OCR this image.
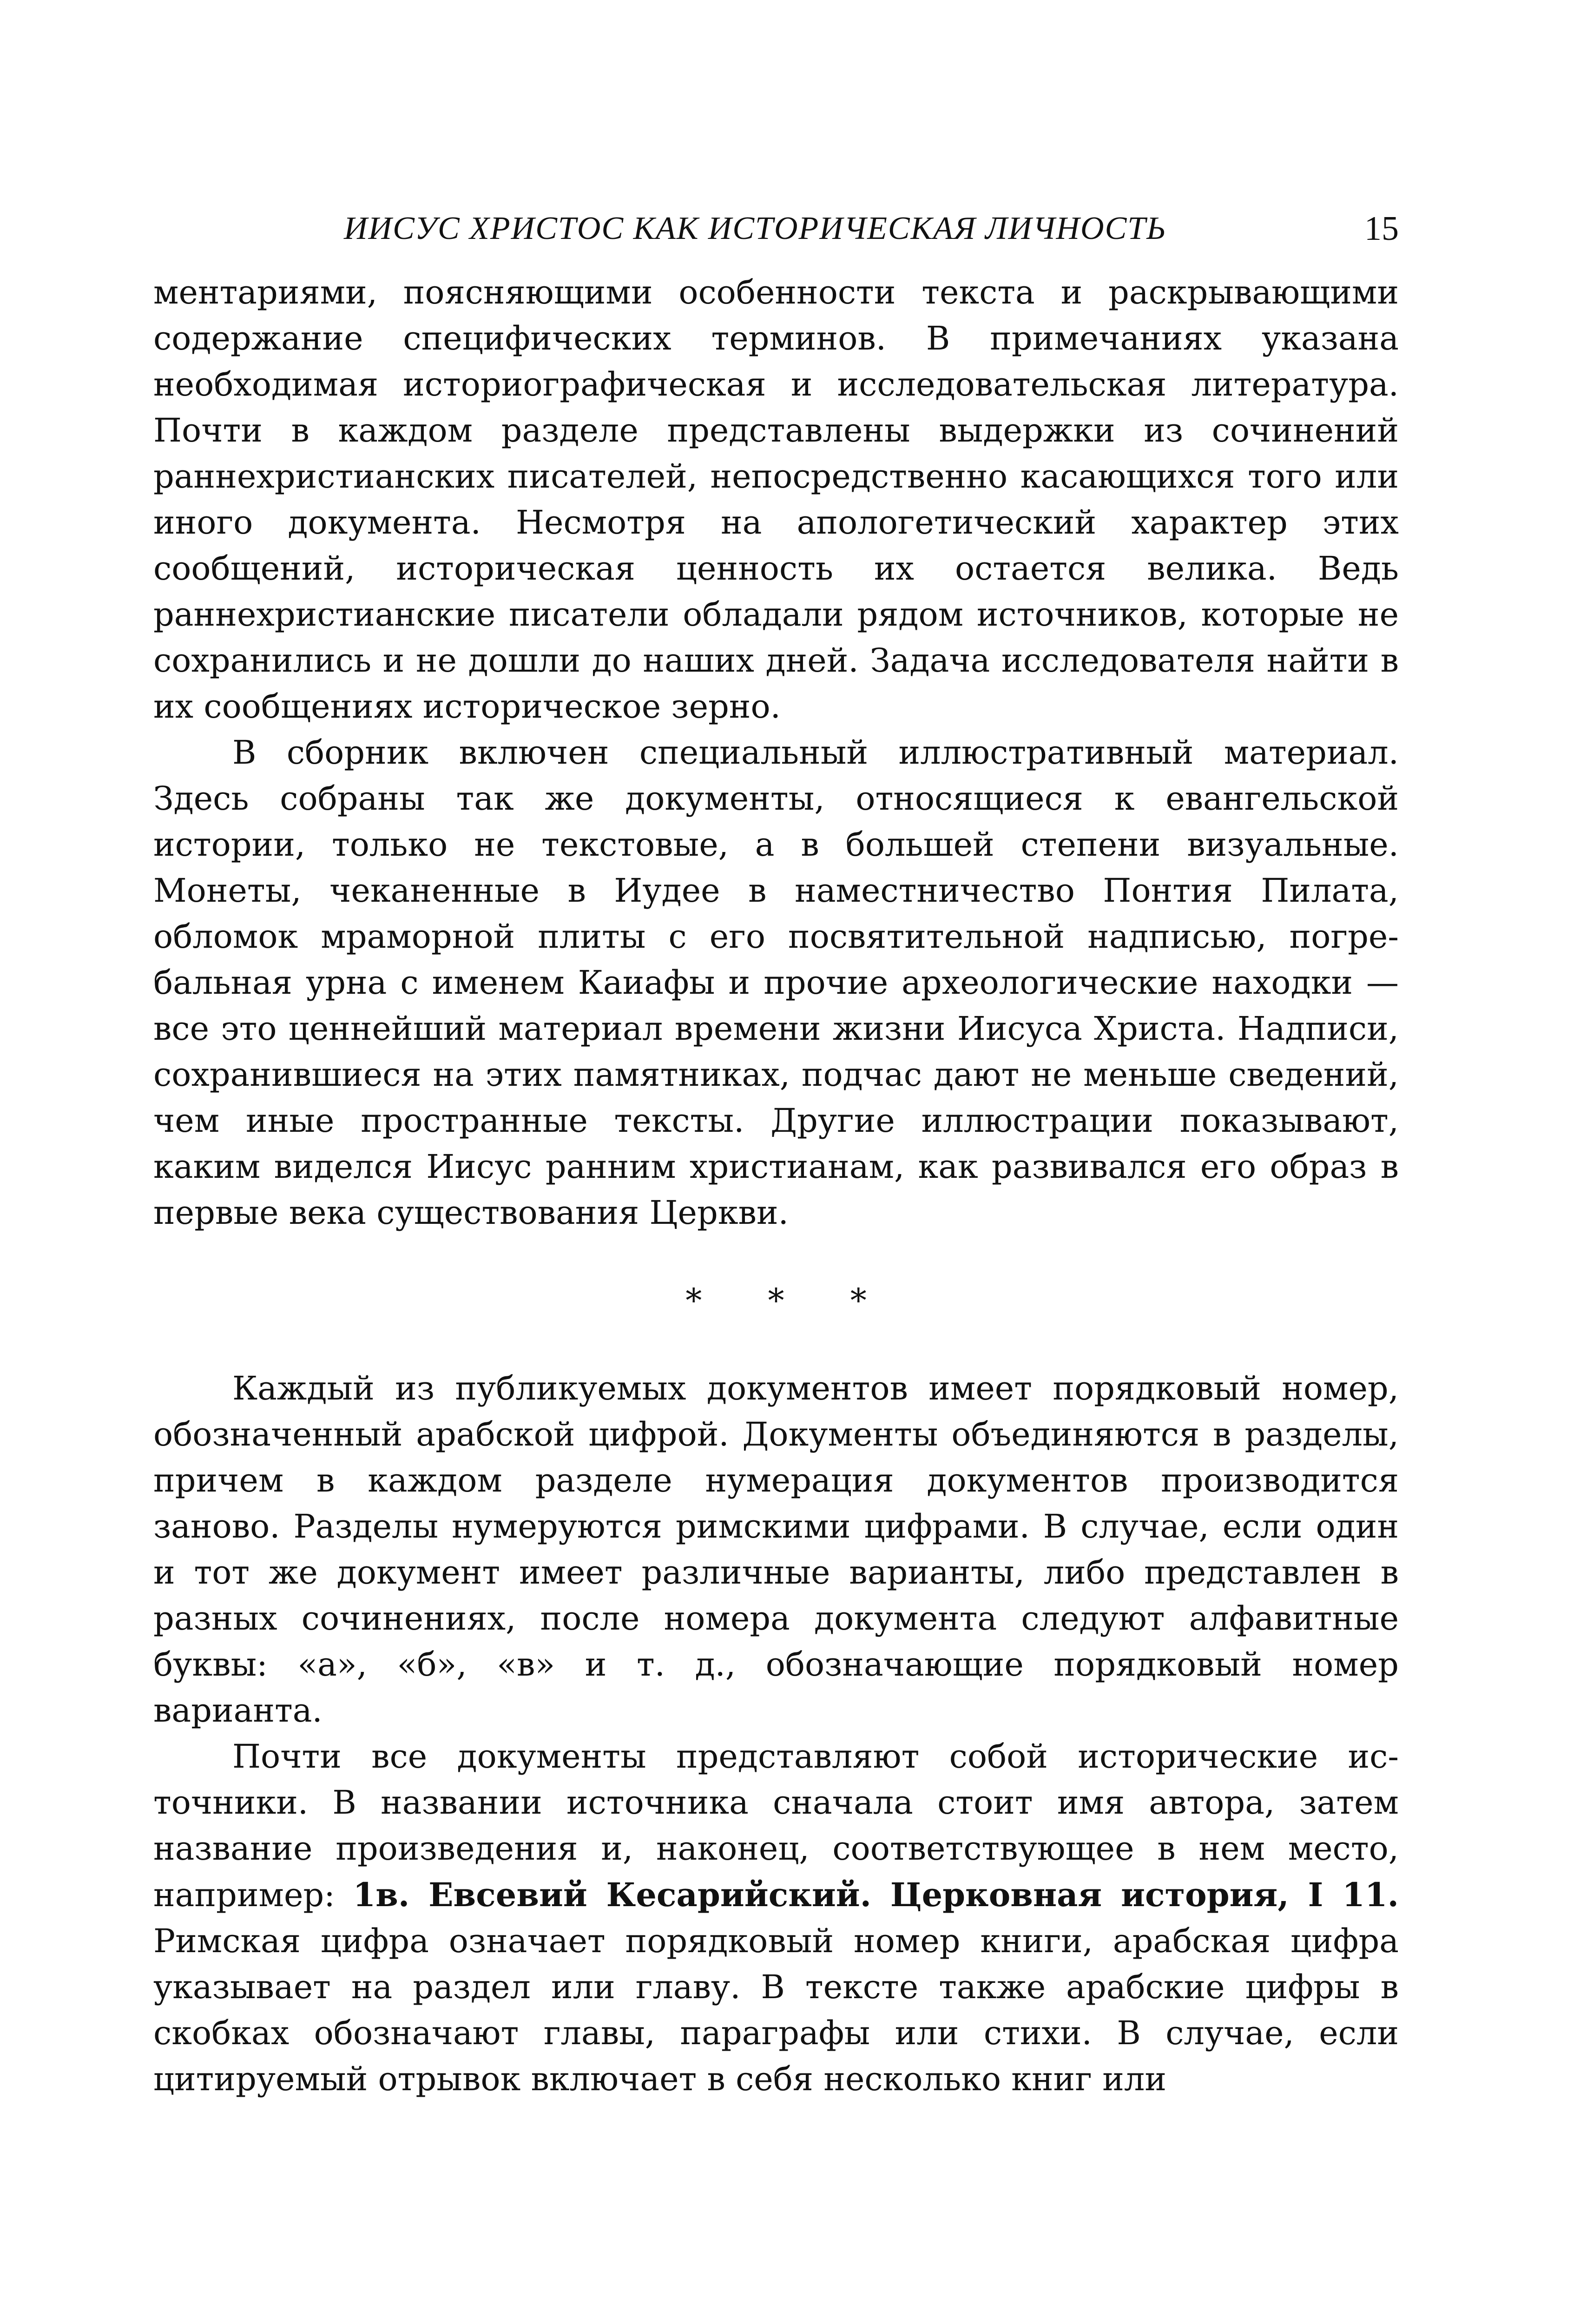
ИИСУС ХРИСТОС КАК ИСТОРИЧЕСКАЯ ЛИЧНОСТЬ	15

ментариями, поясняющими особенности текста и раскрывающими содержание специфических терминов. В примечаниях указана необходимая историографическая и исследовательская литература. Почти в каждом разделе представлены выдержки из сочинений раннехристианских писателей, непосредственно касающихся того или иного документа. Несмотря на апологетический характер этих сообщений, историческая ценность их остается велика. Ведь раннехристианские писатели обладали рядом источников, которые не сохранились и не дошли до наших дней. Задача исследователя найти в их сообщениях историческое зерно.

В сборник включен специальный иллюстративный материал. Здесь собраны так же документы, относящиеся к евангельской истории, только не текстовые, а в большей степени визуальные. Монеты, чеканенные в Иудее в наместничество Понтия Пилата, обломок мраморной плиты с его посвятительной надписью, погребальная урна с именем Каиафы и прочие археологические находки — все это ценнейший материал времени жизни Иисуса Христа. Надписи, сохранившиеся на этих памятниках, подчас дают не меньше сведений, чем иные пространные тексты. Другие иллюстрации показывают, каким виделся Иисус ранним христианам, как развивался его образ в первые века существования Церкви.

* * *

Каждый из публикуемых документов имеет порядковый номер, обозначенный арабской цифрой. Документы объединяются в разделы, причем в каждом разделе нумерация документов производится заново. Разделы нумеруются римскими цифрами. В случае, если один и тот же документ имеет различные варианты, либо представлен в разных сочинениях, после номера документа следуют алфавитные буквы: «а», «б», «в» и т. д., обозначающие порядковый номер варианта.

Почти все документы представляют собой исторические источники. В названии источника сначала стоит имя автора, затем название произведения и, наконец, соответствующее в нем место, например: 1в. Евсевий Кесарийский. Церковная история, I 11. Римская цифра означает порядковый номер книги, арабская цифра указывает на раздел или главу. В тексте также арабские цифры в скобках обозначают главы, параграфы или стихи. В случае, если цитируемый отрывок включает в себя несколько книг или
